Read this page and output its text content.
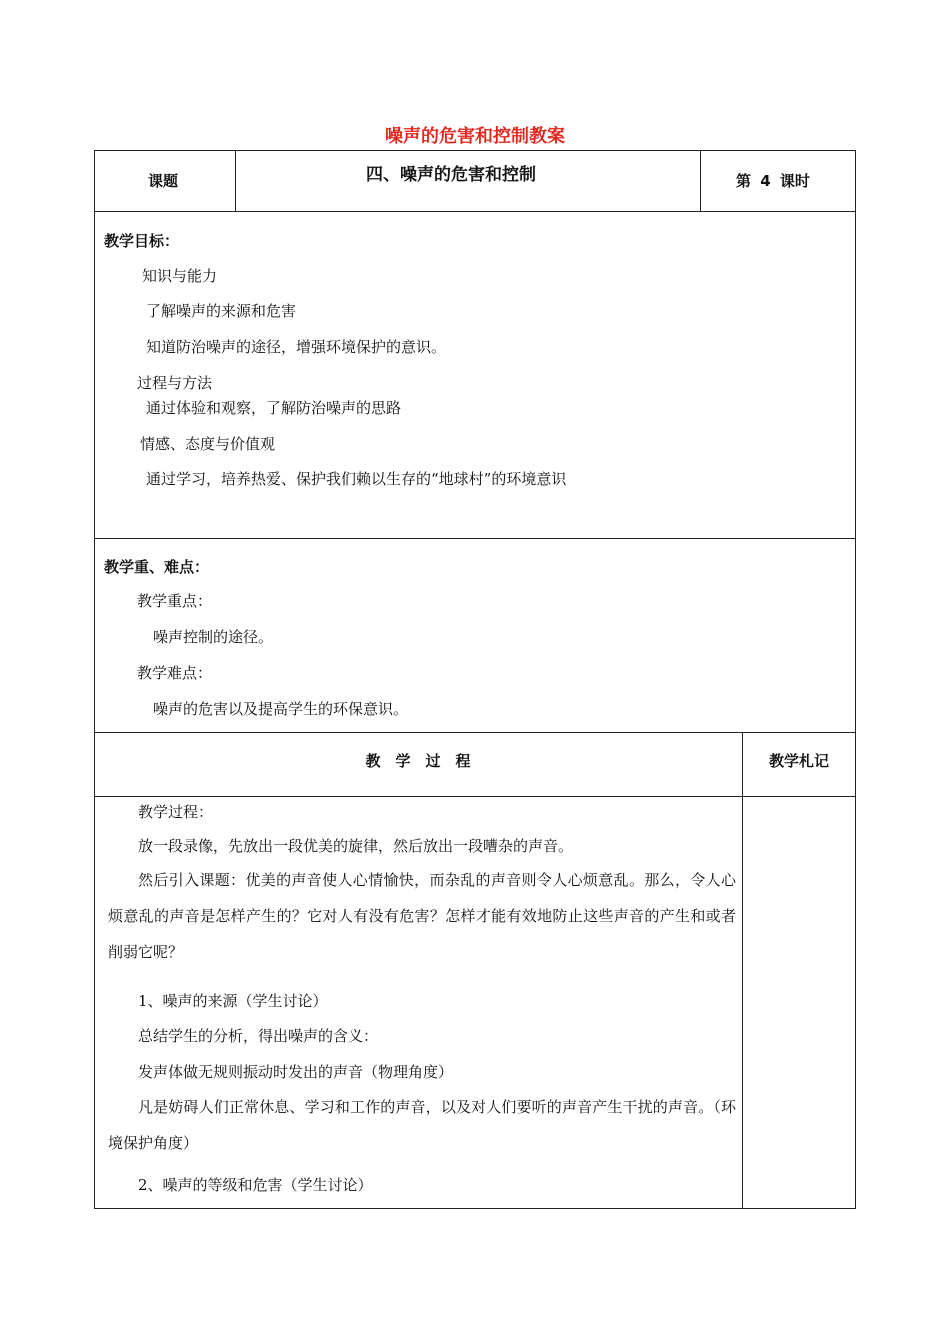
噪声的危害和控制教案
课题	四、噪声的危害和控制	第 4 课时
教学目标：
知识与能力
了解噪声的来源和危害
知道防治噪声的途径，增强环境保护的意识。
过程与方法
通过体验和观察，了解防治噪声的思路
情感、态度与价值观
通过学习，培养热爱、保护我们赖以生存的“地球村”的环境意识
教学重、难点：
教学重点：
噪声控制的途径。
教学难点：
噪声的危害以及提高学生的环保意识。
教　学　过　程	教学札记
教学过程：
放一段录像，先放出一段优美的旋律，然后放出一段嘈杂的声音。
然后引入课题：优美的声音使人心情愉快，而杂乱的声音则令人心烦意乱。那么，令人心烦意乱的声音是怎样产生的？它对人有没有危害？怎样才能有效地防止这些声音的产生和或者削弱它呢？
1、噪声的来源（学生讨论）
总结学生的分析，得出噪声的含义：
发声体做无规则振动时发出的声音（物理角度）
凡是妨碍人们正常休息、学习和工作的声音，以及对人们要听的声音产生干扰的声音。（环境保护角度）
2、噪声的等级和危害（学生讨论）
